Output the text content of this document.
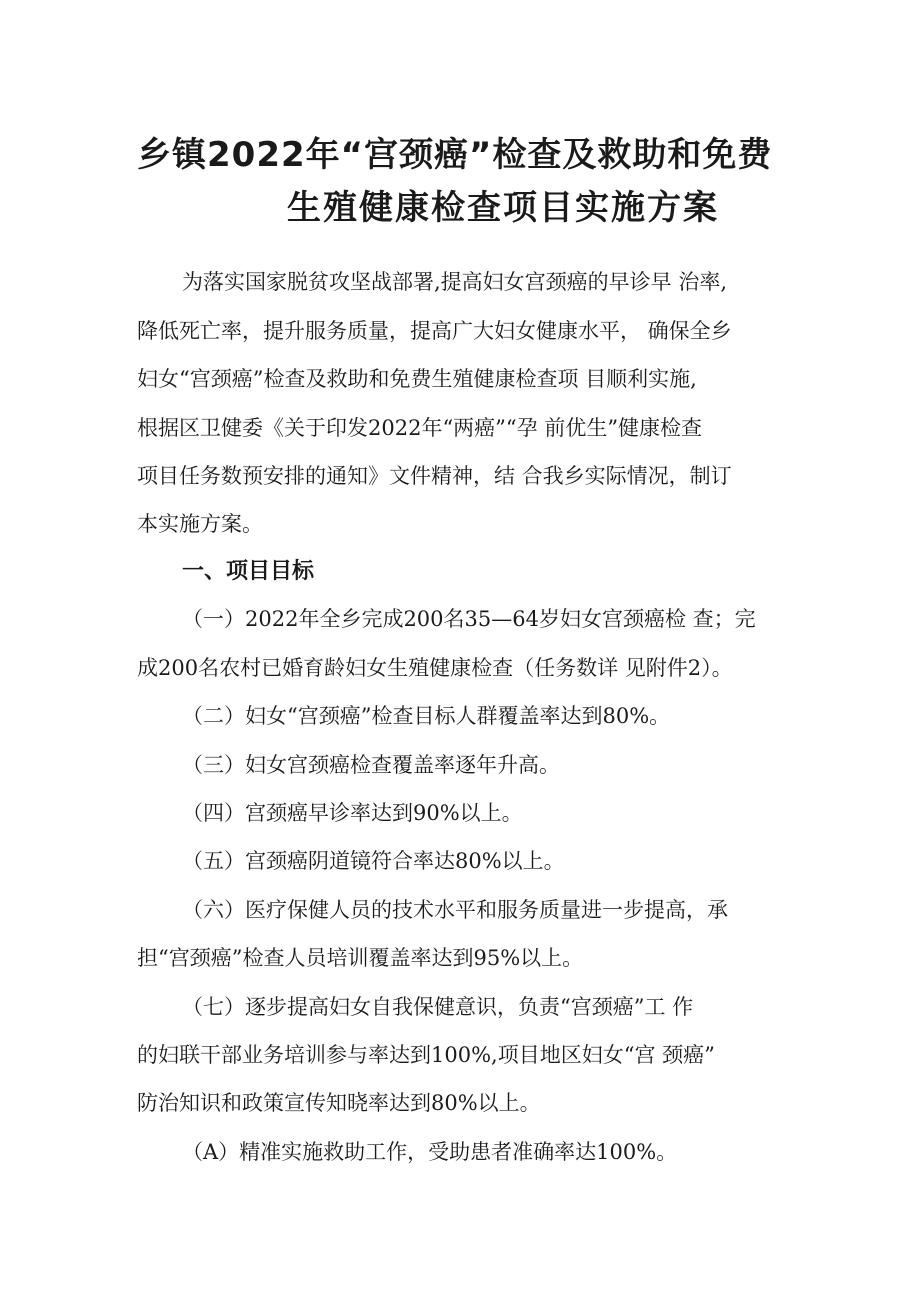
乡镇2022年“宫颈癌”检查及救助和免费
生殖健康检查项目实施方案

为落实国家脱贫攻坚战部署,提高妇女宫颈癌的早诊早 治率,

降低死亡率，提升服务质量，提高广大妇女健康水平， 确保全乡

妇女“宫颈癌”检查及救助和免费生殖健康检查项 目顺利实施,

根据区卫健委《关于印发2022年“两癌”“孕 前优生”健康检查

项目任务数预安排的通知》文件精神，结 合我乡实际情况，制订

本实施方案。

一、项目目标

（一）2022年全乡完成200名35—64岁妇女宫颈癌检 查；完

成200名农村已婚育龄妇女生殖健康检查（任务数详 见附件2）。

（二）妇女“宫颈癌”检查目标人群覆盖率达到80%。

（三）妇女宫颈癌检查覆盖率逐年升高。

（四）宫颈癌早诊率达到90%以上。

（五）宫颈癌阴道镜符合率达80%以上。

（六）医疗保健人员的技术水平和服务质量进一步提高，承

担“宫颈癌”检查人员培训覆盖率达到95%以上。

（七）逐步提高妇女自我保健意识，负责“宫颈癌”工 作

的妇联干部业务培训参与率达到100%,项目地区妇女“宫 颈癌”

防治知识和政策宣传知晓率达到80%以上。

（A）精准实施救助工作，受助患者准确率达100%。
